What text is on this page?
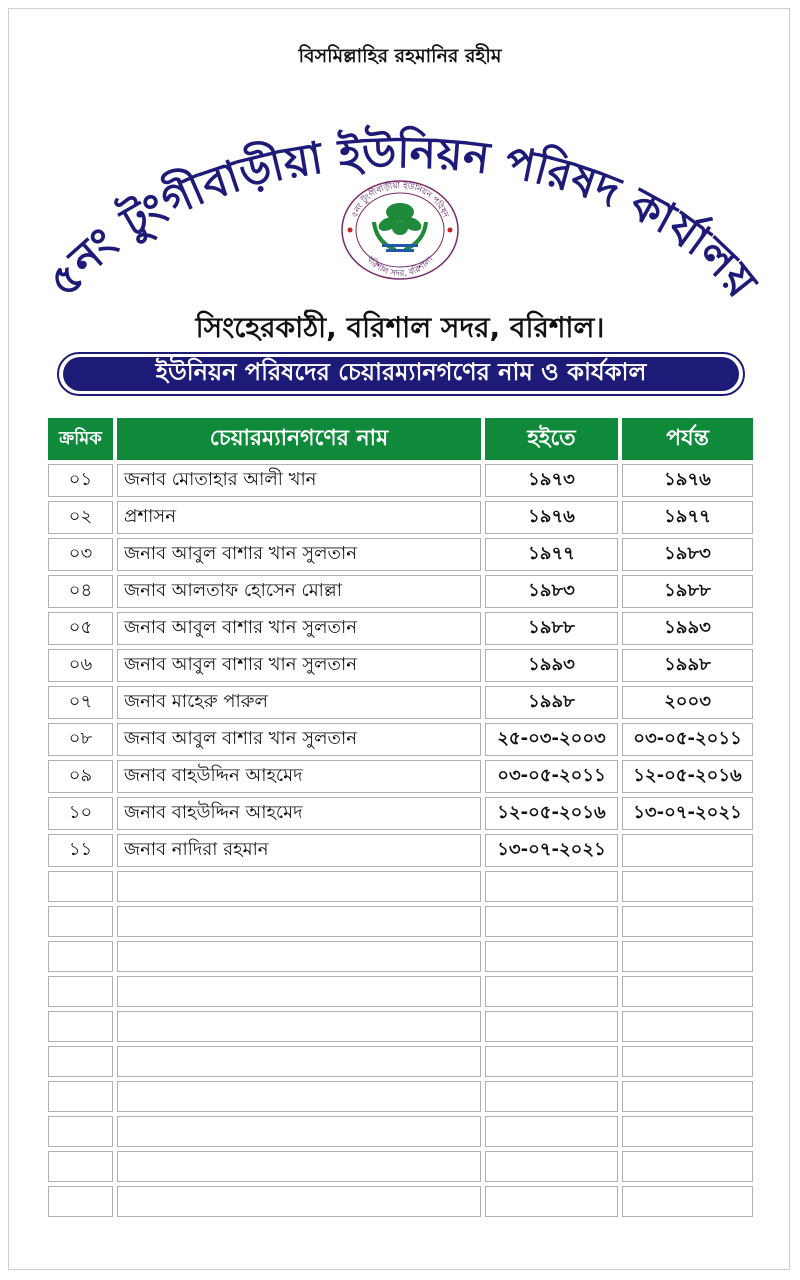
বিসমিল্লাহির রহমানির রহীম
৫নং টুংগীবাড়ীয়া ইউনিয়ন পরিষদ কার্যালয়
৫নং টুংগীবাড়ীয়া ইউনিয়ন পরিষদ
বরিশাল সদর, বরিশাল।
সিংহেরকাঠী, বরিশাল সদর, বরিশাল।
ইউনিয়ন পরিষদের চেয়ারম্যানগণের নাম ও কার্যকাল
ক্রমিক	চেয়ারম্যানগণের নাম	হইতে	পর্যন্ত
০১	জনাব মোতাহার আলী খান	১৯৭৩	১৯৭৬
০২	প্রশাসন	১৯৭৬	১৯৭৭
০৩	জনাব আবুল বাশার খান সুলতান	১৯৭৭	১৯৮৩
০৪	জনাব আলতাফ হোসেন মোল্লা	১৯৮৩	১৯৮৮
০৫	জনাব আবুল বাশার খান সুলতান	১৯৮৮	১৯৯৩
০৬	জনাব আবুল বাশার খান সুলতান	১৯৯৩	১৯৯৮
০৭	জনাব মাহেরু পারুল	১৯৯৮	২০০৩
০৮	জনাব আবুল বাশার খান সুলতান	২৫-০৩-২০০৩	০৩-০৫-২০১১
০৯	জনাব বাহউদ্দিন আহমেদ	০৩-০৫-২০১১	১২-০৫-২০১৬
১০	জনাব বাহউদ্দিন আহমেদ	১২-০৫-২০১৬	১৩-০৭-২০২১
১১	জনাব নাদিরা রহমান	১৩-০৭-২০২১	
